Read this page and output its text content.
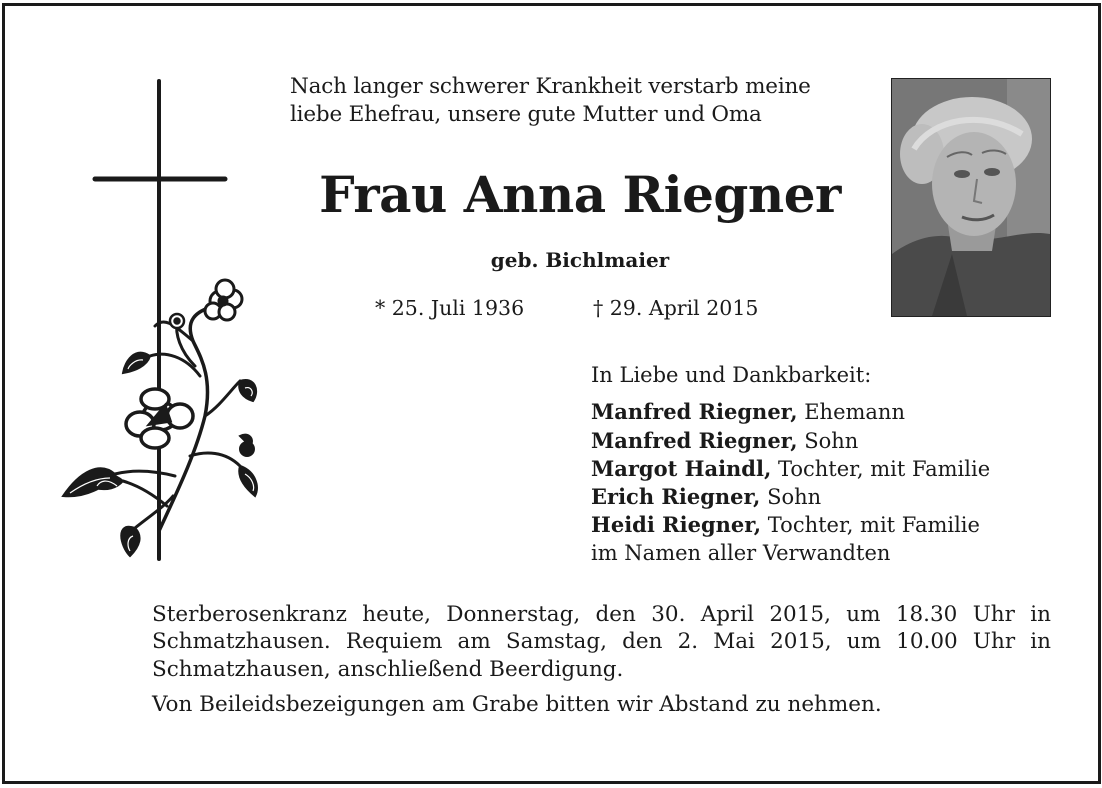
Nach langer schwerer Krankheit verstarb meine
liebe Ehefrau, unsere gute Mutter und Oma
Frau Anna Riegner
geb. Bichlmaier
* 25. Juli 1936	† 29. April 2015
In Liebe und Dankbarkeit:
Manfred Riegner, Ehemann
Manfred Riegner, Sohn
Margot Haindl, Tochter, mit Familie
Erich Riegner, Sohn
Heidi Riegner, Tochter, mit Familie
im Namen aller Verwandten
Sterberosenkranz heute, Donnerstag, den 30. April 2015, um 18.30 Uhr in Schmatzhausen. Requiem am Samstag, den 2. Mai 2015, um 10.00 Uhr in Schmatzhausen, anschließend Beerdigung.
Von Beileidsbezeigungen am Grabe bitten wir Abstand zu nehmen.
